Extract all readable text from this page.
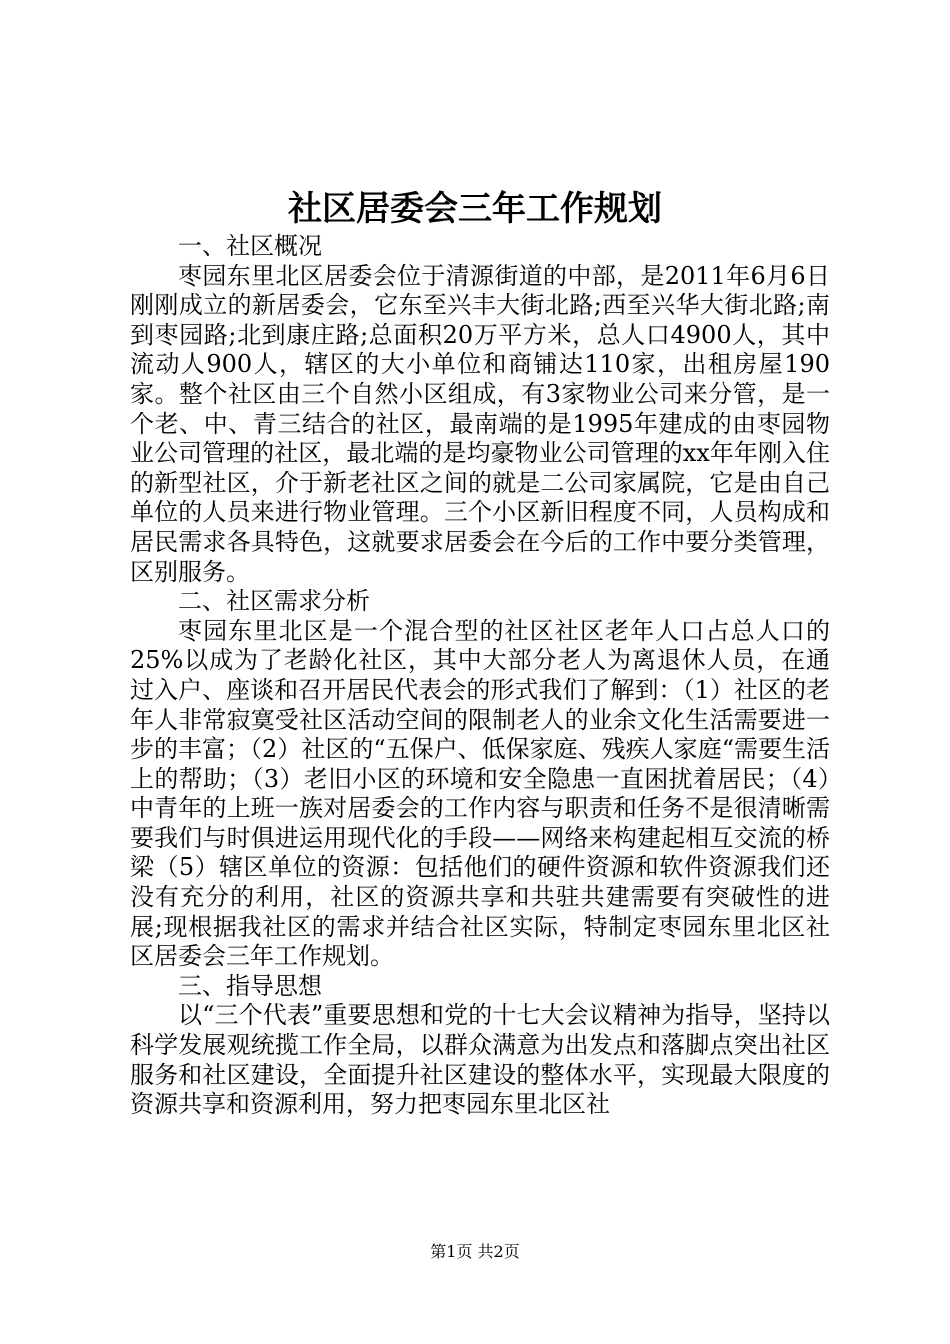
社区居委会三年工作规划

一、社区概况

枣园东里北区居委会位于清源街道的中部，是2011年6月6日刚刚成立的新居委会，它东至兴丰大街北路;西至兴华大街北路;南到枣园路;北到康庄路;总面积20万平方米，总人口4900人，其中流动人900人，辖区的大小单位和商铺达110家，出租房屋190家。整个社区由三个自然小区组成，有3家物业公司来分管，是一个老、中、青三结合的社区，最南端的是1995年建成的由枣园物业公司管理的社区，最北端的是均豪物业公司管理的xx年年刚入住的新型社区，介于新老社区之间的就是二公司家属院，它是由自己单位的人员来进行物业管理。三个小区新旧程度不同，人员构成和居民需求各具特色，这就要求居委会在今后的工作中要分类管理，区别服务。

二、社区需求分析

枣园东里北区是一个混合型的社区社区老年人口占总人口的25%以成为了老龄化社区，其中大部分老人为离退休人员，在通过入户、座谈和召开居民代表会的形式我们了解到：（1）社区的老年人非常寂寞受社区活动空间的限制老人的业余文化生活需要进一步的丰富；（2）社区的“五保户、低保家庭、残疾人家庭“需要生活上的帮助；（3）老旧小区的环境和安全隐患一直困扰着居民；（4）中青年的上班一族对居委会的工作内容与职责和任务不是很清晰需要我们与时俱进运用现代化的手段——网络来构建起相互交流的桥梁（5）辖区单位的资源：包括他们的硬件资源和软件资源我们还没有充分的利用，社区的资源共享和共驻共建需要有突破性的进展;现根据我社区的需求并结合社区实际，特制定枣园东里北区社区居委会三年工作规划。

三、指导思想

以“三个代表”重要思想和党的十七大会议精神为指导，坚持以科学发展观统揽工作全局，以群众满意为出发点和落脚点突出社区服务和社区建设，全面提升社区建设的整体水平，实现最大限度的资源共享和资源利用，努力把枣园东里北区社

第1页 共2页
